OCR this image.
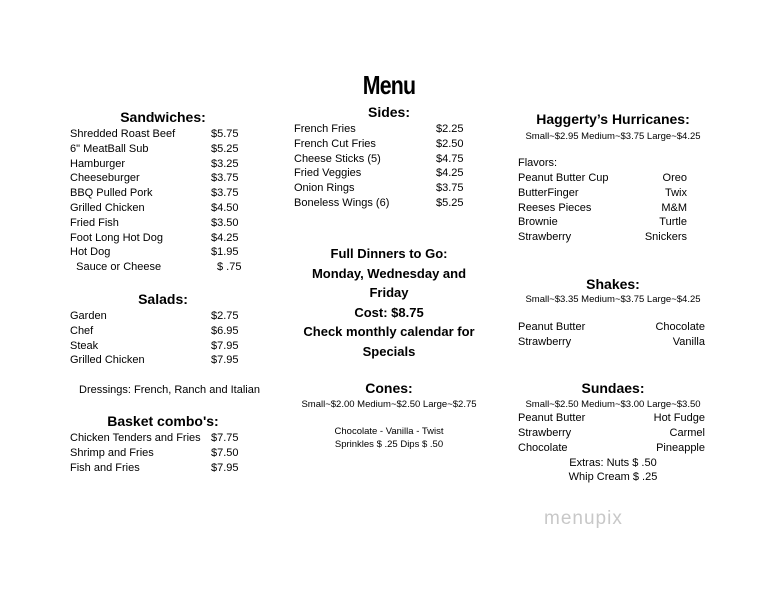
Menu
Sandwiches:
Shredded Roast Beef	$5.75
6" MeatBall Sub	$5.25
Hamburger	$3.25
Cheeseburger	$3.75
BBQ Pulled Pork	$3.75
Grilled Chicken	$4.50
Fried Fish	$3.50
Foot Long Hot Dog	$4.25
Hot Dog	$1.95
Sauce or Cheese	$ .75
Salads:
Garden	$2.75
Chef	$6.95
Steak	$7.95
Grilled Chicken	$7.95
Dressings: French, Ranch and Italian
Basket combo's:
Chicken Tenders and Fries $7.75
Shrimp and Fries	$7.50
Fish and Fries	$7.95
Sides:
French Fries	$2.25
French Cut Fries	$2.50
Cheese Sticks (5)	$4.75
Fried Veggies	$4.25
Onion Rings	$3.75
Boneless Wings (6)	$5.25
Full Dinners to Go:
Monday, Wednesday and
Friday
Cost: $8.75
Check monthly calendar for
Specials
Cones:
Small~$2.00 Medium~$2.50 Large~$2.75
Chocolate - Vanilla - Twist
Sprinkles $ .25 Dips $ .50
Haggerty’s Hurricanes:
Small~$2.95 Medium~$3.75 Large~$4.25
Flavors:
Peanut Butter Cup	Oreo
ButterFinger	Twix
Reeses Pieces	M&M
Brownie	Turtle
Strawberry	Snickers
Shakes:
Small~$3.35 Medium~$3.75 Large~$4.25
Peanut Butter	Chocolate
Strawberry	Vanilla
Sundaes:
Small~$2.50 Medium~$3.00 Large~$3.50
Peanut Butter	Hot Fudge
Strawberry	Carmel
Chocolate	Pineapple
Extras: Nuts $ .50
Whip Cream $ .25
menupix
